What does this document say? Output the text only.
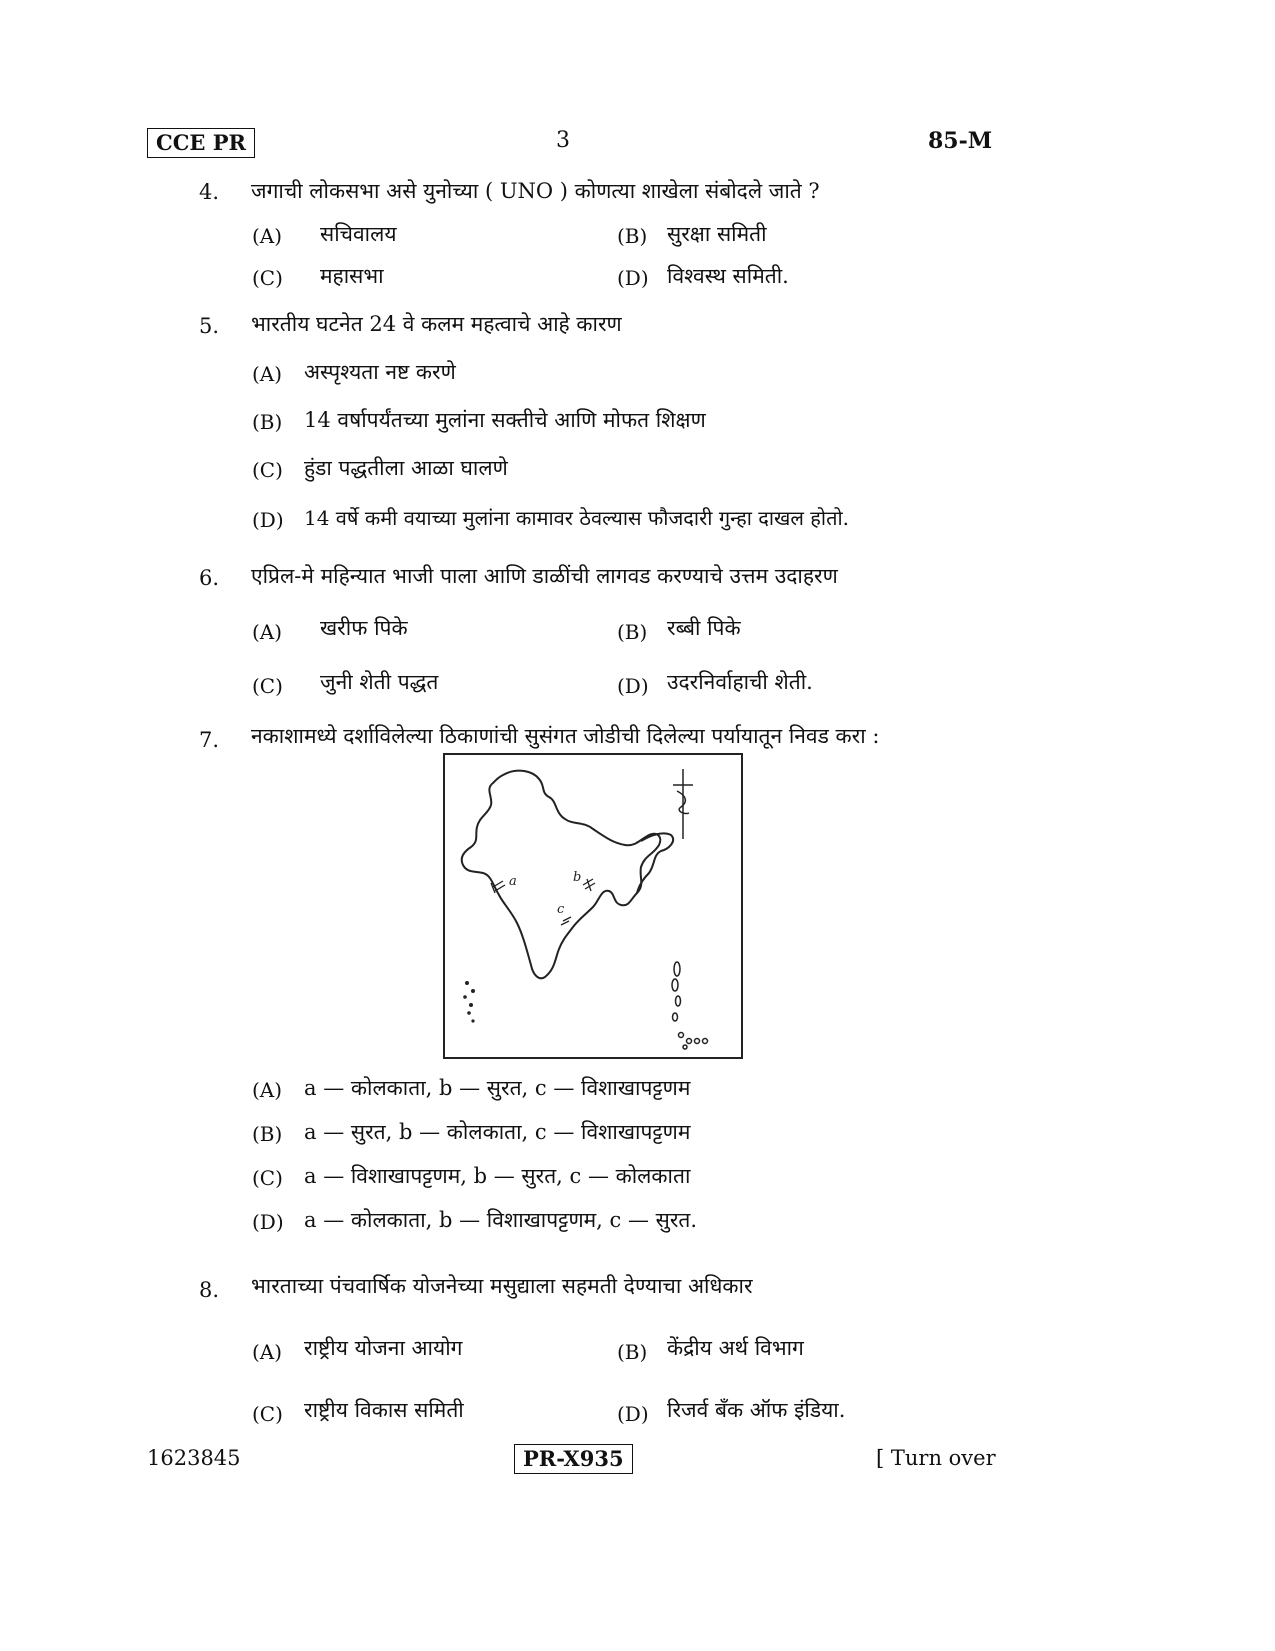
CCE PR	3	85-M
4. जगाची लोकसभा असे युनोच्या ( UNO ) कोणत्या शाखेला संबोदले जाते ?
(A) सचिवालय	(B) सुरक्षा समिती
(C) महासभा	(D) विश्वस्थ समिती.
5. भारतीय घटनेत 24 वे कलम महत्वाचे आहे कारण
(A) अस्पृश्यता नष्ट करणे
(B) 14 वर्षापर्यंतच्या मुलांना सक्तीचे आणि मोफत शिक्षण
(C) हुंडा पद्धतीला आळा घालणे
(D) 14 वर्षे कमी वयाच्या मुलांना कामावर ठेवल्यास फौजदारी गुन्हा दाखल होतो.
6. एप्रिल-मे महिन्यात भाजी पाला आणि डाळींची लागवड करण्याचे उत्तम उदाहरण
(A) खरीफ पिके	(B) रब्बी पिके
(C) जुनी शेती पद्धत	(D) उदरनिर्वाहाची शेती.
7. नकाशामध्ये दर्शाविलेल्या ठिकाणांची सुसंगत जोडीची दिलेल्या पर्यायातून निवड करा :
a	b
c
(A) a — कोलकाता, b — सुरत, c — विशाखापट्टणम
(B) a — सुरत, b — कोलकाता, c — विशाखापट्टणम
(C) a — विशाखापट्टणम, b — सुरत, c — कोलकाता
(D) a — कोलकाता, b — विशाखापट्टणम, c — सुरत.
8. भारताच्या पंचवार्षिक योजनेच्या मसुद्याला सहमती देण्याचा अधिकार
(A) राष्ट्रीय योजना आयोग	(B) केंद्रीय अर्थ विभाग
(C) राष्ट्रीय विकास समिती	(D) रिजर्व बँक ऑफ इंडिया.
1623845	PR-X935	[ Turn over
